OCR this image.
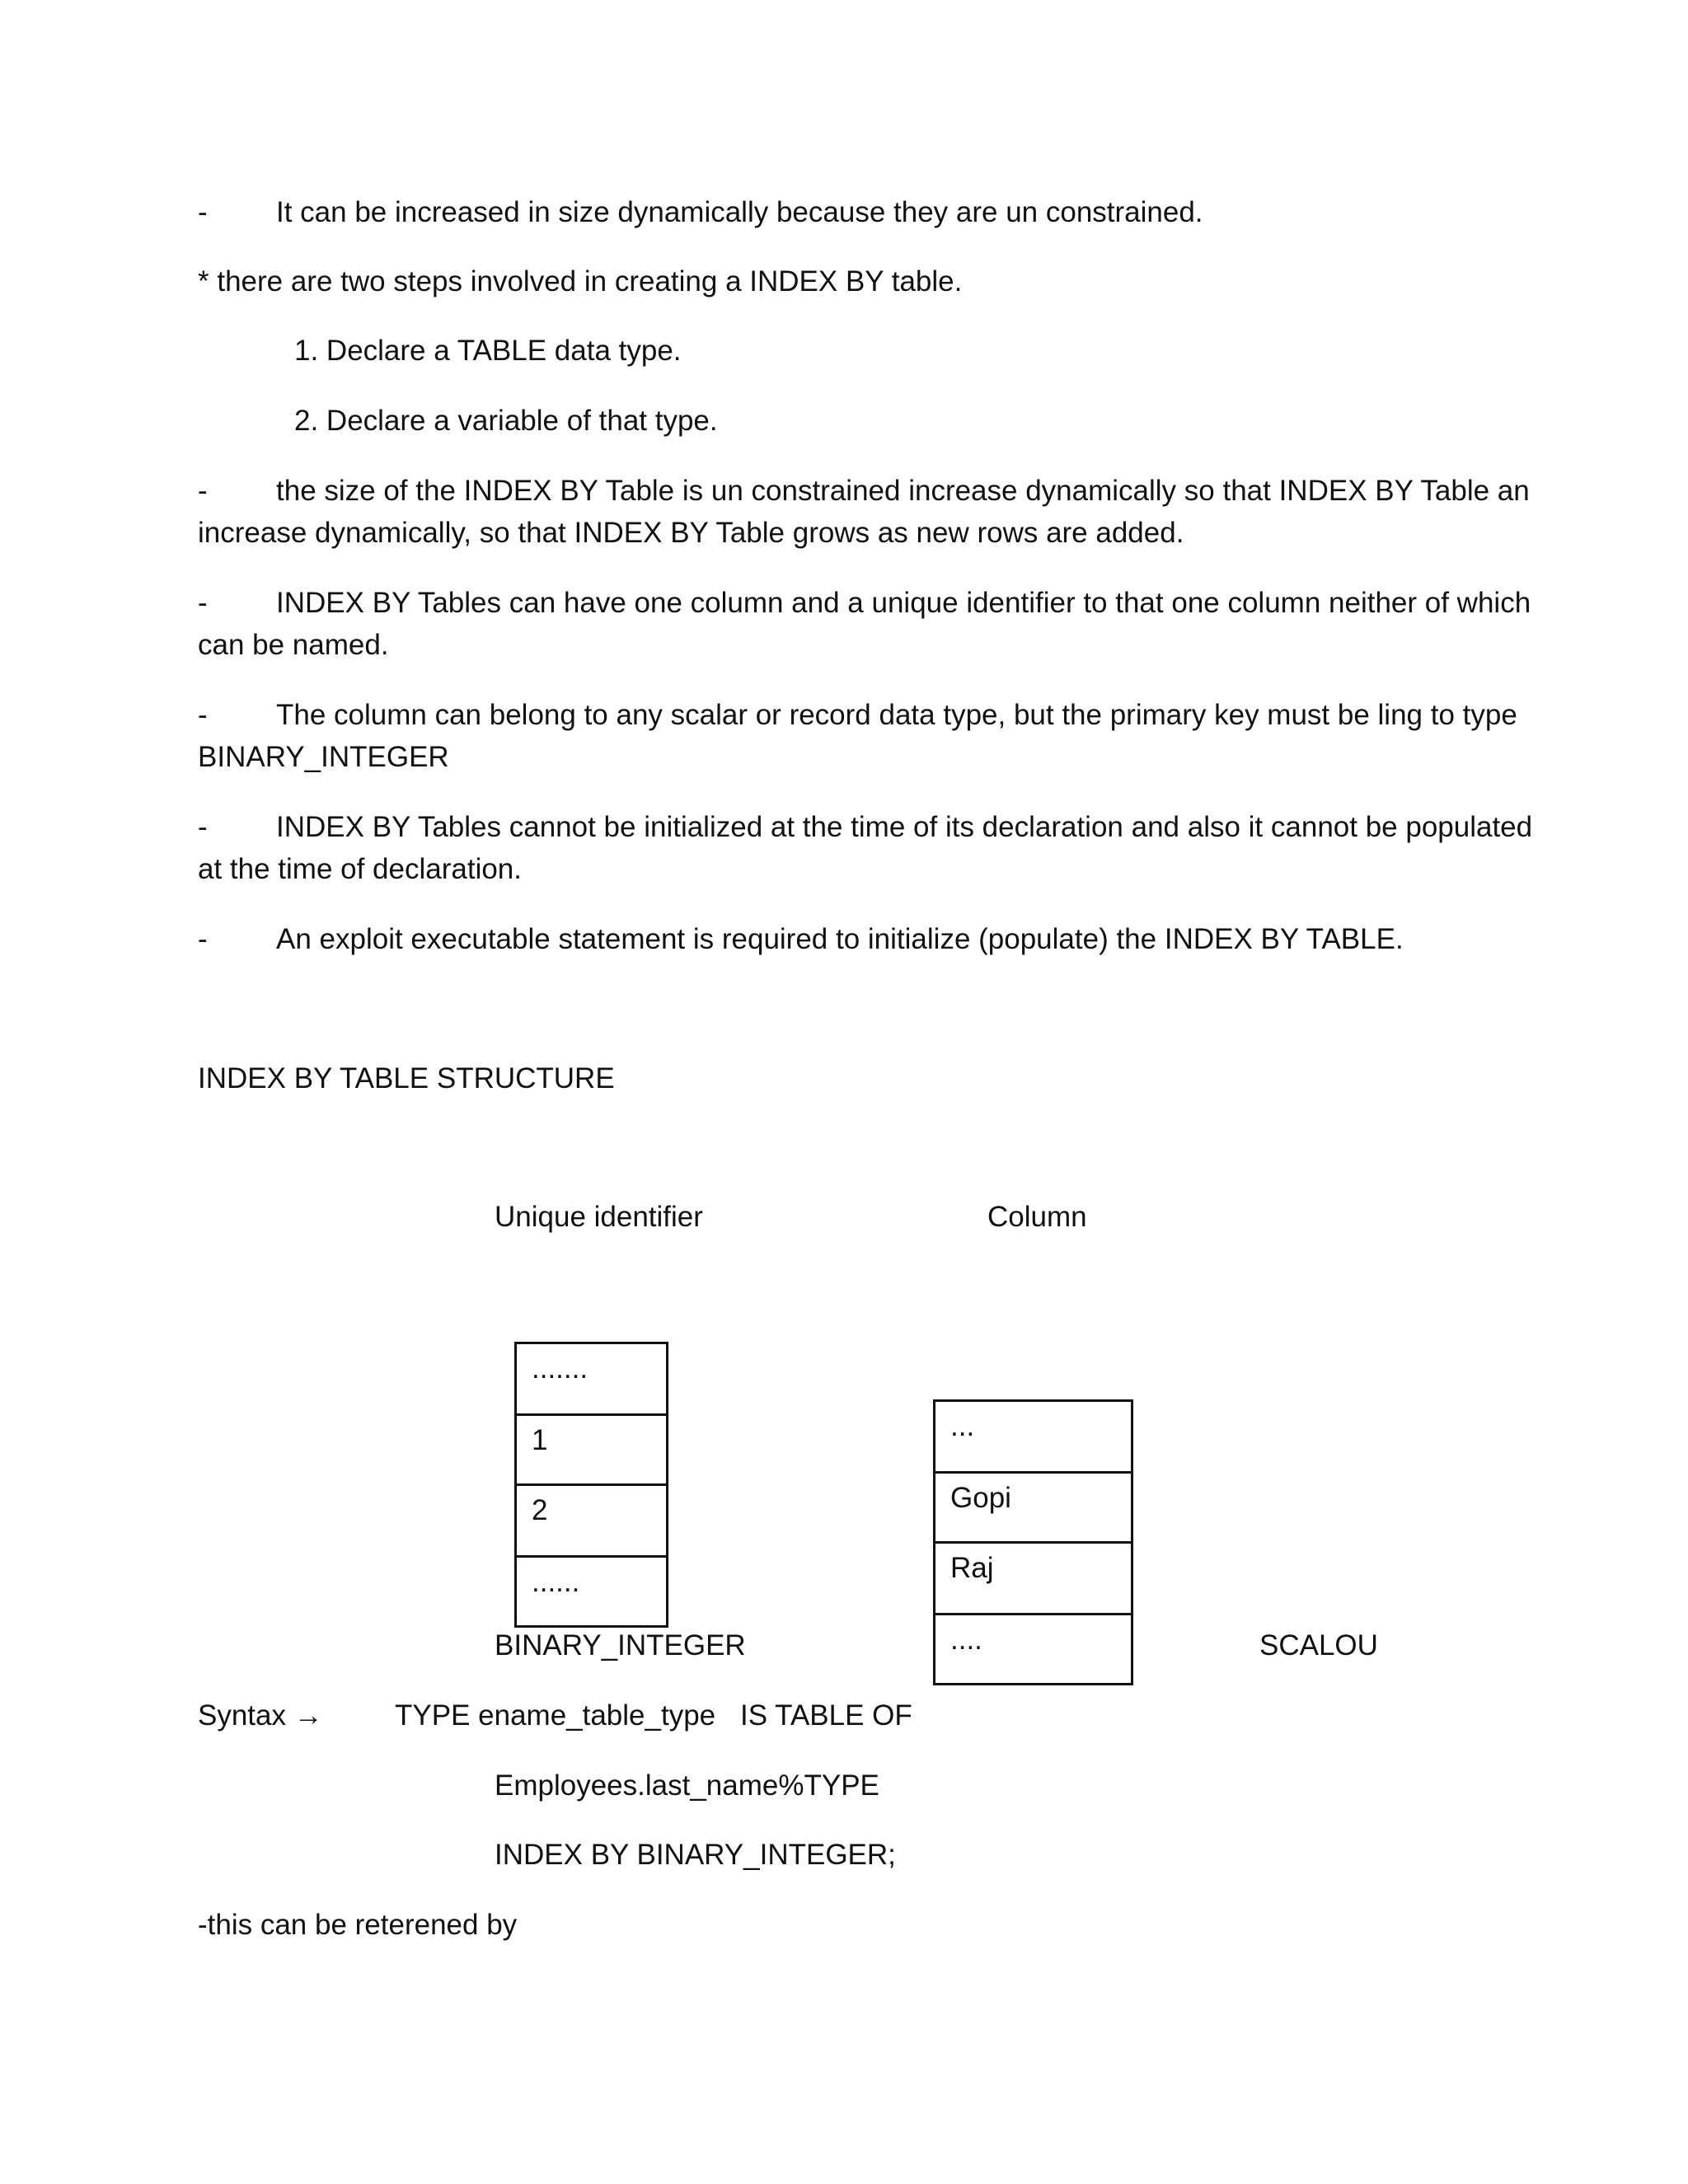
- It can be increased in size dynamically because they are un constrained.
* there are two steps involved in creating a INDEX BY table.
1. Declare a TABLE data type.
2. Declare a variable of that type.
- the size of the INDEX BY Table is un constrained increase dynamically so that INDEX BY Table an
increase dynamically, so that INDEX BY Table grows as new rows are added.
- INDEX BY Tables can have one column and a unique identifier to that one column neither of which
can be named.
- The column can belong to any scalar or record data type, but the primary key must be ling to type
BINARY_INTEGER
- INDEX BY Tables cannot be initialized at the time of its declaration and also it cannot be populated
at the time of declaration.
- An exploit executable statement is required to initialize (populate) the INDEX BY TABLE.
INDEX BY TABLE STRUCTURE
Unique identifier	Column
.......
1
2
......
...
Gopi
Raj
....
BINARY_INTEGER	SCALOU
Syntax → TYPE ename_table_type IS TABLE OF
Employees.last_name%TYPE
INDEX BY BINARY_INTEGER;
-this can be reterened by
